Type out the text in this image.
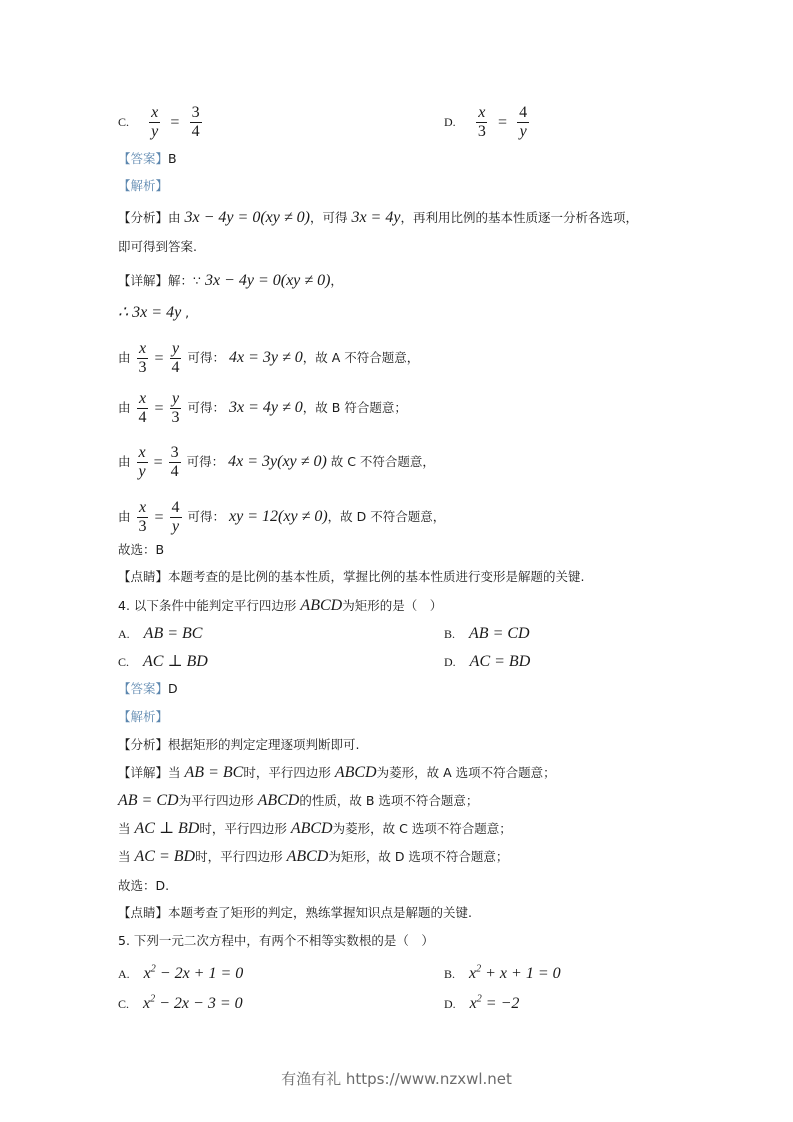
C. $\frac{x}{y} = \frac{3}{4}$	D. $\frac{x}{3} = \frac{4}{y}$
【答案】B
【解析】
【分析】由 3x − 4y = 0(xy ≠ 0)，可得 3x = 4y，再利用比例的基本性质逐一分析各选项，
即可得到答案.
【详解】解：∵ 3x − 4y = 0(xy ≠ 0)，
∴ 3x = 4y ,
由 $\frac{x}{3} = \frac{y}{4}$ 可得： 4x = 3y ≠ 0，故 A 不符合题意，
由 $\frac{x}{4} = \frac{y}{3}$ 可得： 3x = 4y ≠ 0，故 B 符合题意；
由 $\frac{x}{y} = \frac{3}{4}$ 可得： 4x = 3y(xy ≠ 0) 故 C 不符合题意，
由 $\frac{x}{3} = \frac{4}{y}$ 可得： xy = 12(xy ≠ 0)，故 D 不符合题意，
故选：B
【点睛】本题考查的是比例的基本性质，掌握比例的基本性质进行变形是解题的关键.
4. 以下条件中能判定平行四边形 ABCD为矩形的是（　）
A. AB = BC	B. AB = CD
C. AC ⊥ BD	D. AC = BD
【答案】D
【解析】
【分析】根据矩形的判定定理逐项判断即可.
【详解】当 AB = BC时，平行四边形 ABCD为菱形，故 A 选项不符合题意；
AB = CD为平行四边形 ABCD的性质，故 B 选项不符合题意；
当 AC ⊥ BD时，平行四边形 ABCD为菱形，故 C 选项不符合题意；
当 AC = BD时，平行四边形 ABCD为矩形，故 D 选项不符合题意；
故选：D.
【点睛】本题考查了矩形的判定，熟练掌握知识点是解题的关键.
5. 下列一元二次方程中，有两个不相等实数根的是（　）
A. $x^2 - 2x + 1 = 0$	B. $x^2 + x + 1 = 0$
C. $x^2 - 2x - 3 = 0$	D. $x^2 = -2$
有渔有礼 https://www.nzxwl.net
